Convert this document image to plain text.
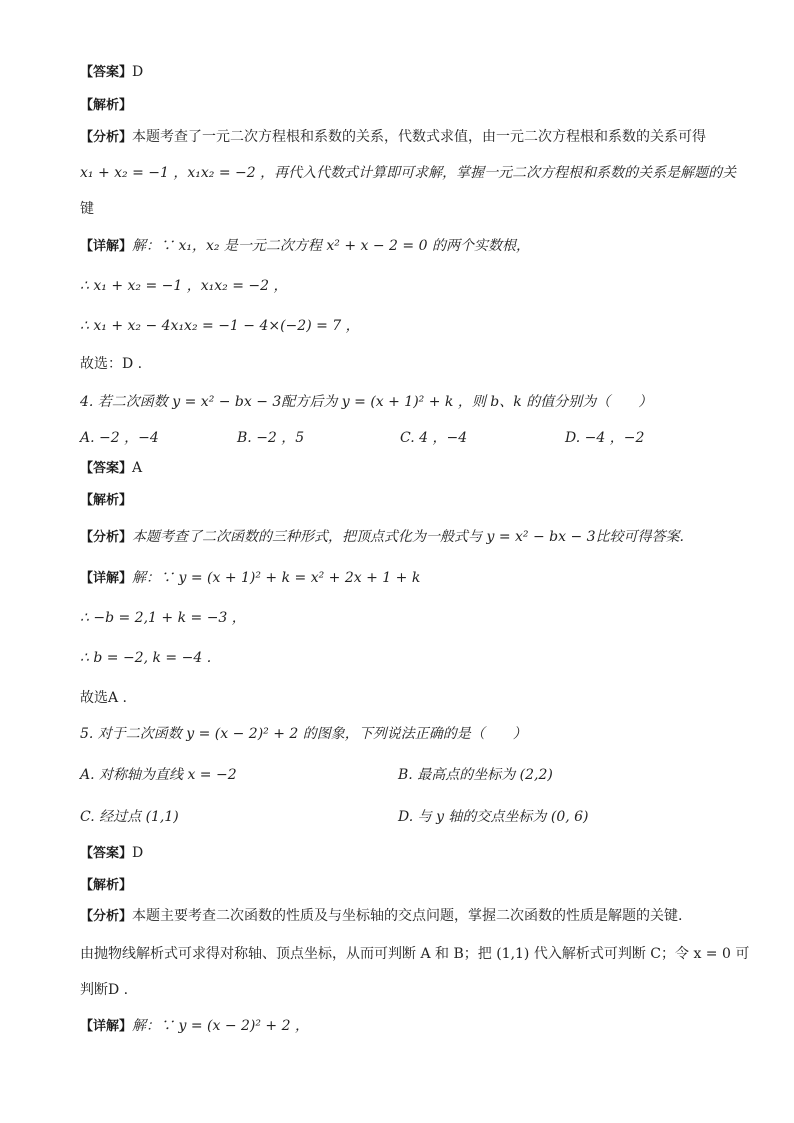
【答案】D
【解析】
【分析】本题考查了一元二次方程根和系数的关系，代数式求值，由一元二次方程根和系数的关系可得
x₁ + x₂ = −1 ，x₁x₂ = −2 ，再代入代数式计算即可求解，掌握一元二次方程根和系数的关系是解题的关
键
【详解】解：∵ x₁，x₂ 是一元二次方程 x² + x − 2 = 0 的两个实数根，
∴ x₁ + x₂ = −1 ，x₁x₂ = −2 ，
∴ x₁ + x₂ − 4x₁x₂ = −1 − 4×(−2) = 7 ，
故选：D .
4. 若二次函数 y = x² − bx − 3配方后为 y = (x + 1)² + k ，则 b、k 的值分别为（　　）
A. −2 ，−4	B. −2 ，5	C. 4 ，−4	D. −4 ，−2
【答案】A
【解析】
【分析】本题考查了二次函数的三种形式，把顶点式化为一般式与 y = x² − bx − 3比较可得答案.
【详解】解：∵ y = (x + 1)² + k = x² + 2x + 1 + k
∴ −b = 2,1 + k = −3 ，
∴ b = −2, k = −4 .
故选A .
5. 对于二次函数 y = (x − 2)² + 2 的图象，下列说法正确的是（　　）
A. 对称轴为直线 x = −2	B. 最高点的坐标为 (2,2)
C. 经过点 (1,1)	D. 与 y 轴的交点坐标为 (0, 6)
【答案】D
【解析】
【分析】本题主要考查二次函数的性质及与坐标轴的交点问题，掌握二次函数的性质是解题的关键.
由抛物线解析式可求得对称轴、顶点坐标，从而可判断 A 和 B；把 (1,1) 代入解析式可判断 C；令 x = 0 可
判断D .
【详解】解：∵ y = (x − 2)² + 2 ，
